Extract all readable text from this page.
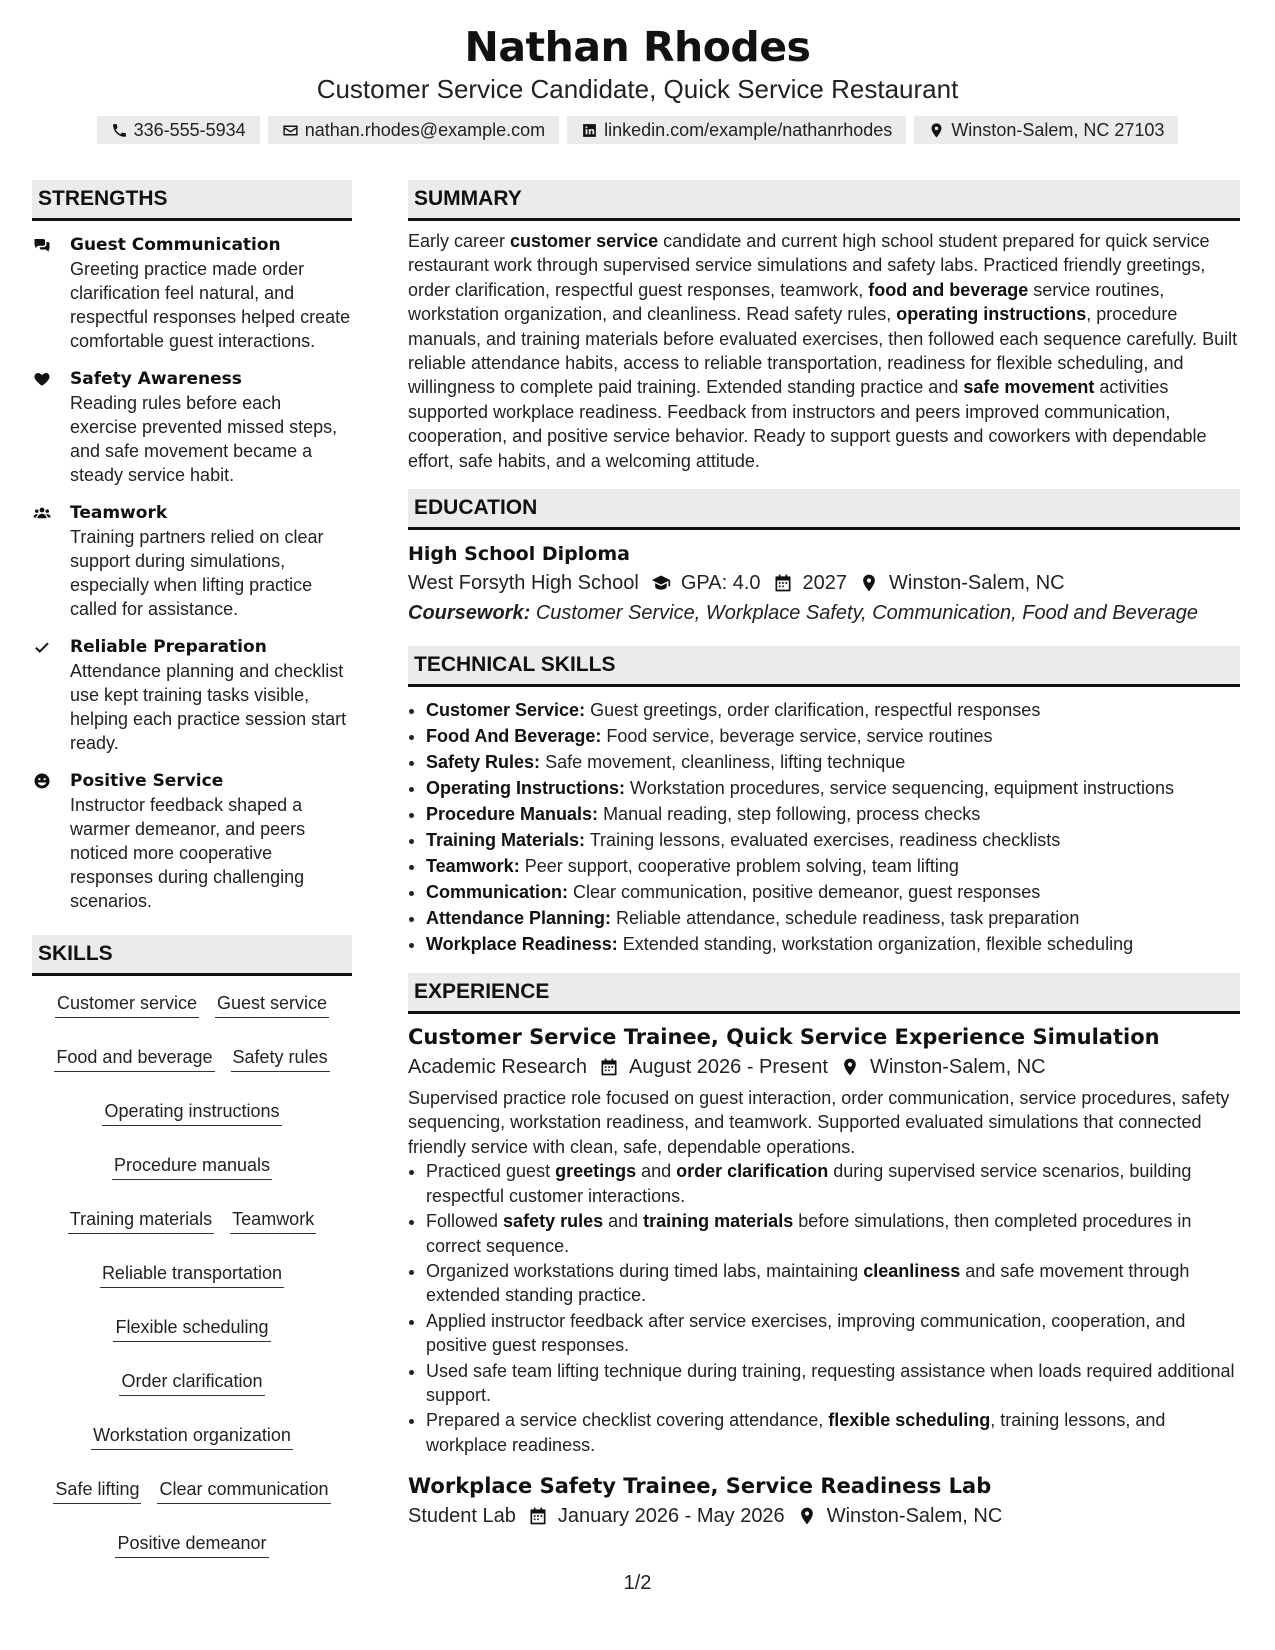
Nathan Rhodes
Customer Service Candidate, Quick Service Restaurant
336-555-5934	nathan.rhodes@example.com	linkedin.com/example/nathanrhodes	Winston-Salem, NC 27103
STRENGTHS
Guest Communication
Greeting practice made order clarification feel natural, and respectful responses helped create comfortable guest interactions.
Safety Awareness
Reading rules before each exercise prevented missed steps, and safe movement became a steady service habit.
Teamwork
Training partners relied on clear support during simulations, especially when lifting practice called for assistance.
Reliable Preparation
Attendance planning and checklist use kept training tasks visible, helping each practice session start ready.
Positive Service
Instructor feedback shaped a warmer demeanor, and peers noticed more cooperative responses during challenging scenarios.
SKILLS
Customer service Guest service
Food and beverage Safety rules
Operating instructions
Procedure manuals
Training materials Teamwork
Reliable transportation
Flexible scheduling
Order clarification
Workstation organization
Safe lifting Clear communication
Positive demeanor
SUMMARY
Early career customer service candidate and current high school student prepared for quick service restaurant work through supervised service simulations and safety labs. Practiced friendly greetings, order clarification, respectful guest responses, teamwork, food and beverage service routines, workstation organization, and cleanliness. Read safety rules, operating instructions, procedure manuals, and training materials before evaluated exercises, then followed each sequence carefully. Built reliable attendance habits, access to reliable transportation, readiness for flexible scheduling, and willingness to complete paid training. Extended standing practice and safe movement activities supported workplace readiness. Feedback from instructors and peers improved communication, cooperation, and positive service behavior. Ready to support guests and coworkers with dependable effort, safe habits, and a welcoming attitude.
EDUCATION
High School Diploma
West Forsyth High School GPA: 4.0 2027 Winston-Salem, NC
Coursework: Customer Service, Workplace Safety, Communication, Food and Beverage
TECHNICAL SKILLS
• Customer Service: Guest greetings, order clarification, respectful responses
• Food And Beverage: Food service, beverage service, service routines
• Safety Rules: Safe movement, cleanliness, lifting technique
• Operating Instructions: Workstation procedures, service sequencing, equipment instructions
• Procedure Manuals: Manual reading, step following, process checks
• Training Materials: Training lessons, evaluated exercises, readiness checklists
• Teamwork: Peer support, cooperative problem solving, team lifting
• Communication: Clear communication, positive demeanor, guest responses
• Attendance Planning: Reliable attendance, schedule readiness, task preparation
• Workplace Readiness: Extended standing, workstation organization, flexible scheduling
EXPERIENCE
Customer Service Trainee, Quick Service Experience Simulation
Academic Research August 2026 - Present Winston-Salem, NC
Supervised practice role focused on guest interaction, order communication, service procedures, safety sequencing, workstation readiness, and teamwork. Supported evaluated simulations that connected friendly service with clean, safe, dependable operations.
• Practiced guest greetings and order clarification during supervised service scenarios, building respectful customer interactions.
• Followed safety rules and training materials before simulations, then completed procedures in correct sequence.
• Organized workstations during timed labs, maintaining cleanliness and safe movement through extended standing practice.
• Applied instructor feedback after service exercises, improving communication, cooperation, and positive guest responses.
• Used safe team lifting technique during training, requesting assistance when loads required additional support.
• Prepared a service checklist covering attendance, flexible scheduling, training lessons, and workplace readiness.
Workplace Safety Trainee, Service Readiness Lab
Student Lab January 2026 - May 2026 Winston-Salem, NC
1/2
